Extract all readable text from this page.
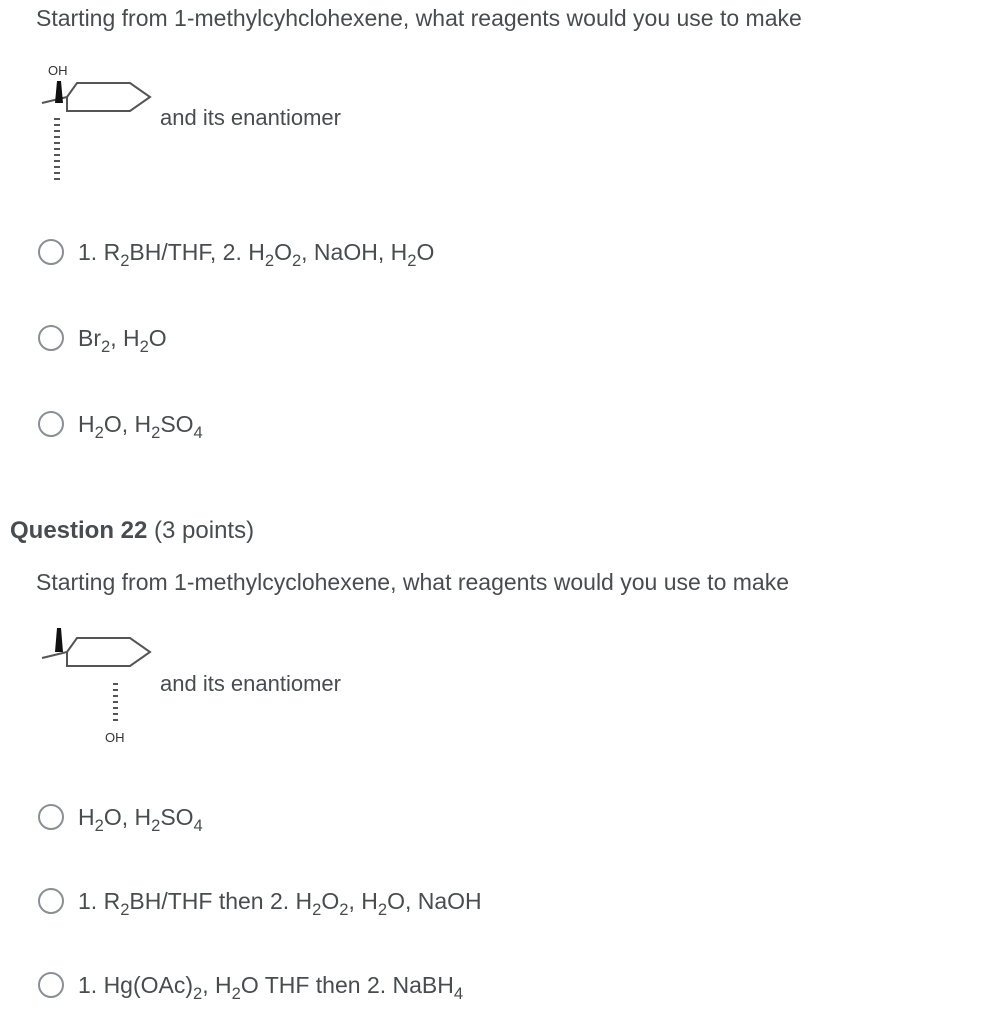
Starting from 1-methylcyhclohexene, what reagents would you use to make
OH
and its enantiomer
1. $R_2BH$/THF, 2. $H_2O_2$, NaOH, $H_2O$
$Br_2$, $H_2O$
$H_2O$, $H_2SO_4$
Question 22 (3 points)
Starting from 1-methylcyclohexene, what reagents would you use to make
OH
and its enantiomer
$H_2O$, $H_2SO_4$
1. $R_2BH$/THF then 2. $H_2O_2$, $H_2O$, NaOH
1. $Hg(OAc)_2$, $H_2O$ THF then 2. NaBH$_4$
